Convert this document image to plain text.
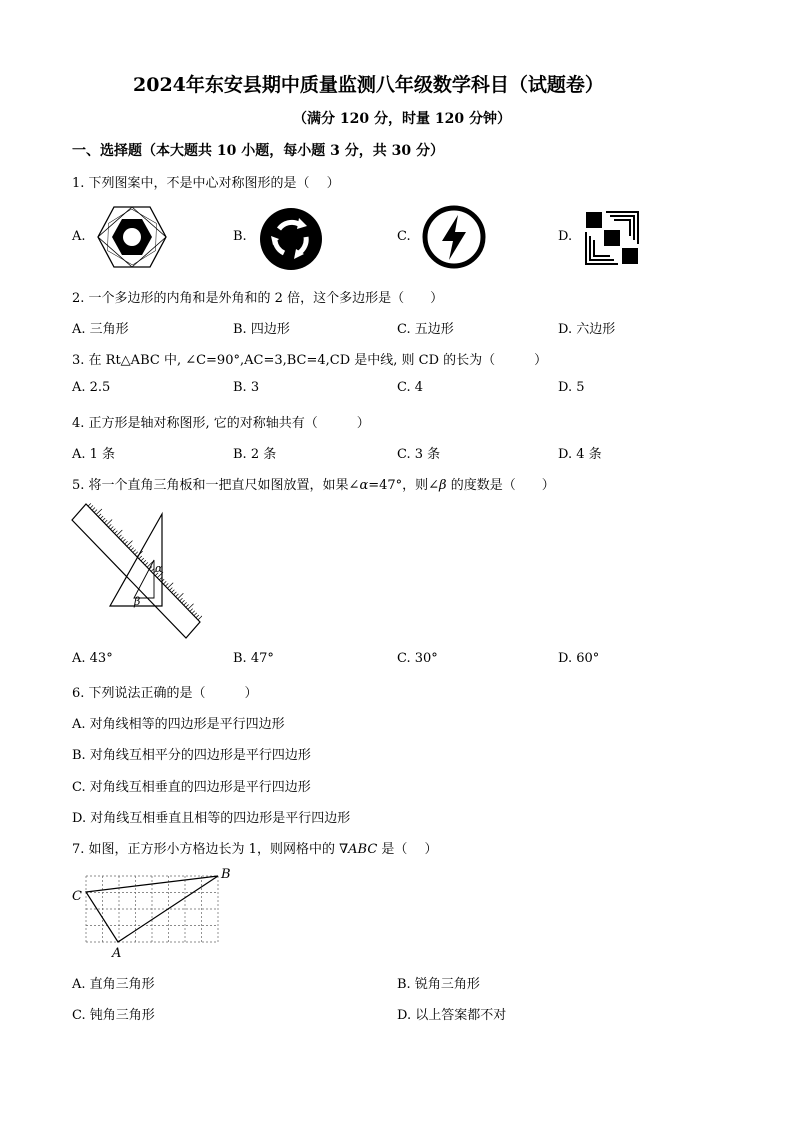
2024年东安县期中质量监测八年级数学科目（试题卷）
（满分 120 分，时量 120 分钟）
一、选择题（本大题共 10 小题，每小题 3 分，共 30 分）
1. 下列图案中，不是中心对称图形的是（　 ）
A.	B.	C.	D.
2. 一个多边形的内角和是外角和的 2 倍，这个多边形是（　　）
A. 三角形	B. 四边形	C. 五边形	D. 六边形
3. 在 Rt△ABC 中, ∠C=90°,AC=3,BC=4,CD 是中线, 则 CD 的长为（　　　）
A. 2.5	B. 3	C. 4	D. 5
4. 正方形是轴对称图形, 它的对称轴共有（　　　）
A. 1 条	B. 2 条	C. 3 条	D. 4 条
5. 将一个直角三角板和一把直尺如图放置，如果∠α=47°，则∠β 的度数是（　　）
α
β
A. 43°	B. 47°	C. 30°	D. 60°
6. 下列说法正确的是（　　　）
A. 对角线相等的四边形是平行四边形
B. 对角线互相平分的四边形是平行四边形
C. 对角线互相垂直的四边形是平行四边形
D. 对角线互相垂直且相等的四边形是平行四边形
7. 如图，正方形小方格边长为 1，则网格中的 ∇ABC 是（　 ）
C
B
A
A. 直角三角形	B. 锐角三角形
C. 钝角三角形	D. 以上答案都不对
